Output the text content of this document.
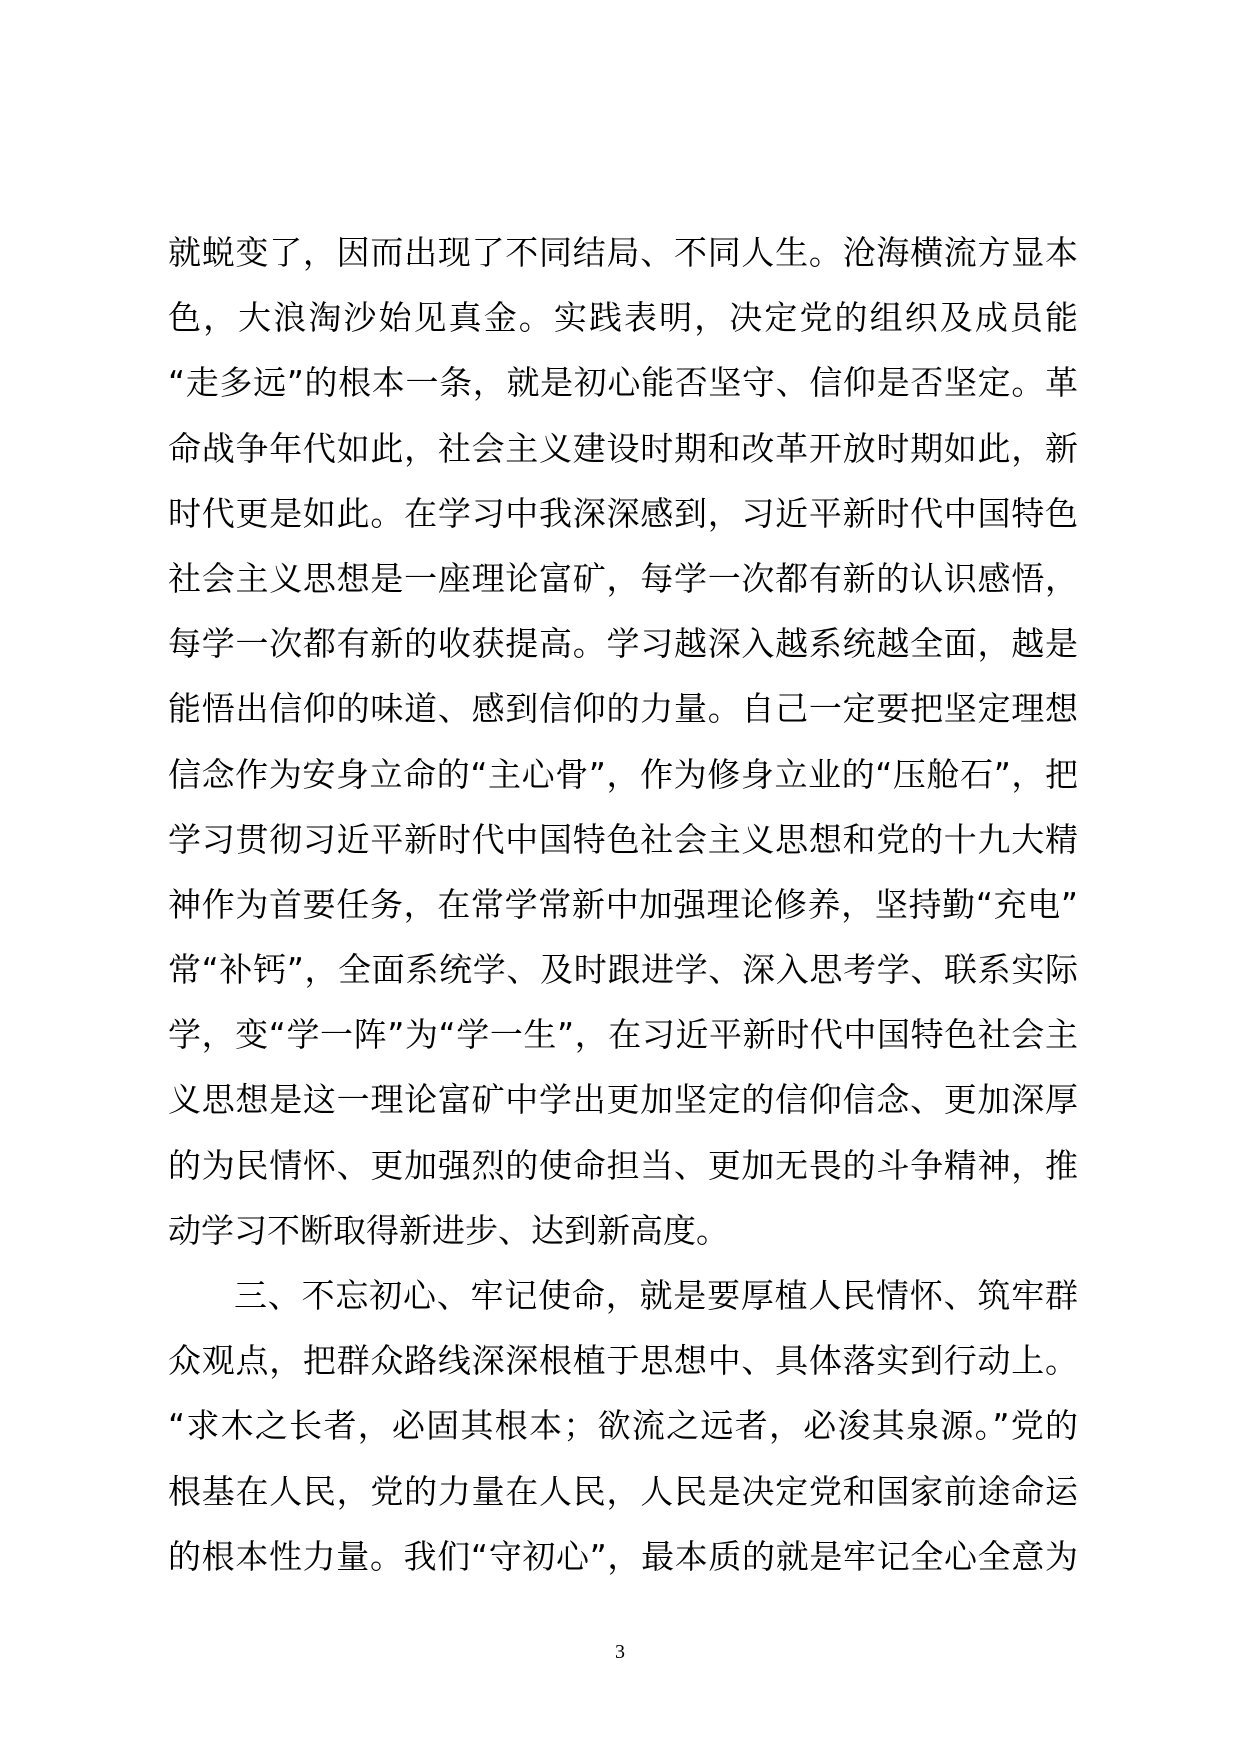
就蜕变了，因而出现了不同结局、不同人生。沧海横流方显本
色，大浪淘沙始见真金。实践表明，决定党的组织及成员能
“走多远”的根本一条，就是初心能否坚守、信仰是否坚定。革
命战争年代如此，社会主义建设时期和改革开放时期如此，新
时代更是如此。在学习中我深深感到，习近平新时代中国特色
社会主义思想是一座理论富矿，每学一次都有新的认识感悟，
每学一次都有新的收获提高。学习越深入越系统越全面，越是
能悟出信仰的味道、感到信仰的力量。自己一定要把坚定理想
信念作为安身立命的“主心骨”，作为修身立业的“压舱石”，把
学习贯彻习近平新时代中国特色社会主义思想和党的十九大精
神作为首要任务，在常学常新中加强理论修养，坚持勤“充电”
常“补钙”，全面系统学、及时跟进学、深入思考学、联系实际
学，变“学一阵”为“学一生”，在习近平新时代中国特色社会主
义思想是这一理论富矿中学出更加坚定的信仰信念、更加深厚
的为民情怀、更加强烈的使命担当、更加无畏的斗争精神，推
动学习不断取得新进步、达到新高度。
三、不忘初心、牢记使命，就是要厚植人民情怀、筑牢群
众观点，把群众路线深深根植于思想中、具体落实到行动上。
“求木之长者，必固其根本；欲流之远者，必浚其泉源。”党的
根基在人民，党的力量在人民，人民是决定党和国家前途命运
的根本性力量。我们“守初心”，最本质的就是牢记全心全意为
3
